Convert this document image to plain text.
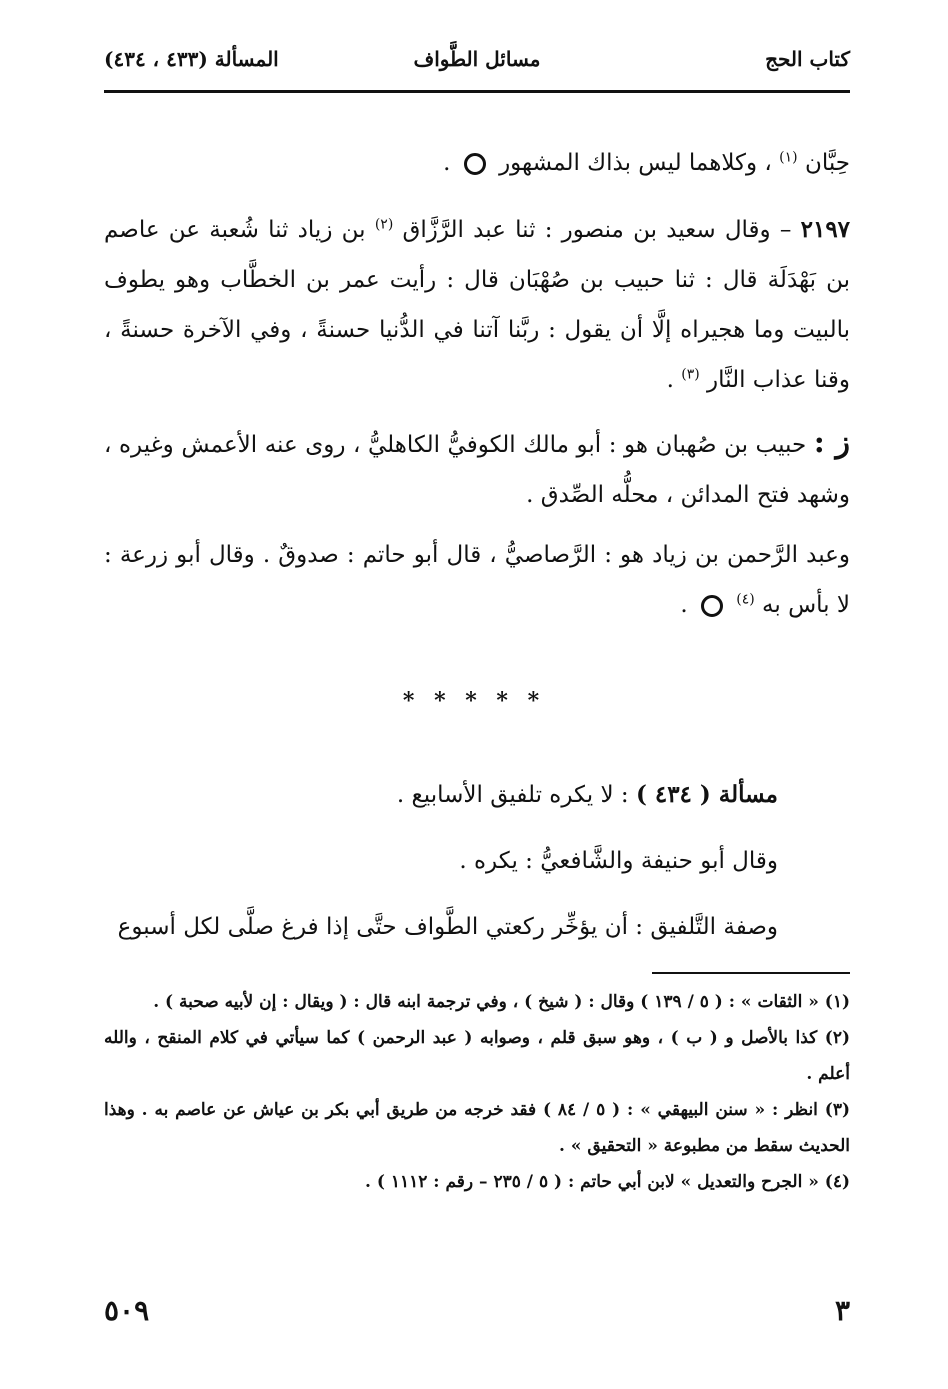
كتاب الحج
مسائل الطَّواف
المسألة (٤٣٣ ، ٤٣٤)

حِبَّان $^{(١)}$ ، وكلاهما ليس بذاك المشهور  .

٢١٩٧ – وقال سعيد بن منصور : ثنا عبد الرَّزَّاق $^{(٢)}$ بن زياد ثنا شُعبة عن عاصم بن بَهْدَلَة قال : ثنا حبيب بن صُهْبَان قال : رأيت عمر بن الخطَّاب وهو يطوف بالبيت وما هجيراه إلَّا أن يقول : ربَّنا آتنا في الدُّنيا حسنةً ، وفي الآخرة حسنةً ، وقنا عذاب النَّار $^{(٣)}$ .

ز : حبيب بن صُهبان هو : أبو مالك الكوفيُّ الكاهليُّ ، روى عنه الأعمش وغيره ، وشهد فتح المدائن ، محلُّه الصِّدق .

وعبد الرَّحمن بن زياد هو : الرَّصاصيُّ ، قال أبو حاتم : صدوقٌ . وقال أبو زرعة : لا بأس به $^{(٤)}$  .

* * * * *

مسألة ( ٤٣٤ ) : لا يكره تلفيق الأسابيع .

وقال أبو حنيفة والشَّافعيُّ : يكره .

وصفة التَّلفيق : أن يؤخِّر ركعتي الطَّواف حتَّى إذا فرغ صلَّى لكل أسبوع

(١) « الثقات » : ( ٥ / ١٣٩ ) وقال : ( شيخ ) ، وفي ترجمة ابنه قال : ( ويقال : إن لأبيه صحبة ) .

(٢) كذا بالأصل و ( ب ) ، وهو سبق قلم ، وصوابه ( عبد الرحمن ) كما سيأتي في كلام المنقح ، والله أعلم .

(٣) انظر : « سنن البيهقي » : ( ٥ / ٨٤ ) فقد خرجه من طريق أبي بكر بن عياش عن عاصم به . وهذا الحديث سقط من مطبوعة « التحقيق » .

(٤) « الجرح والتعديل » لابن أبي حاتم : ( ٥ / ٢٣٥ – رقم : ١١١٢ ) .

٣
٥٠٩
